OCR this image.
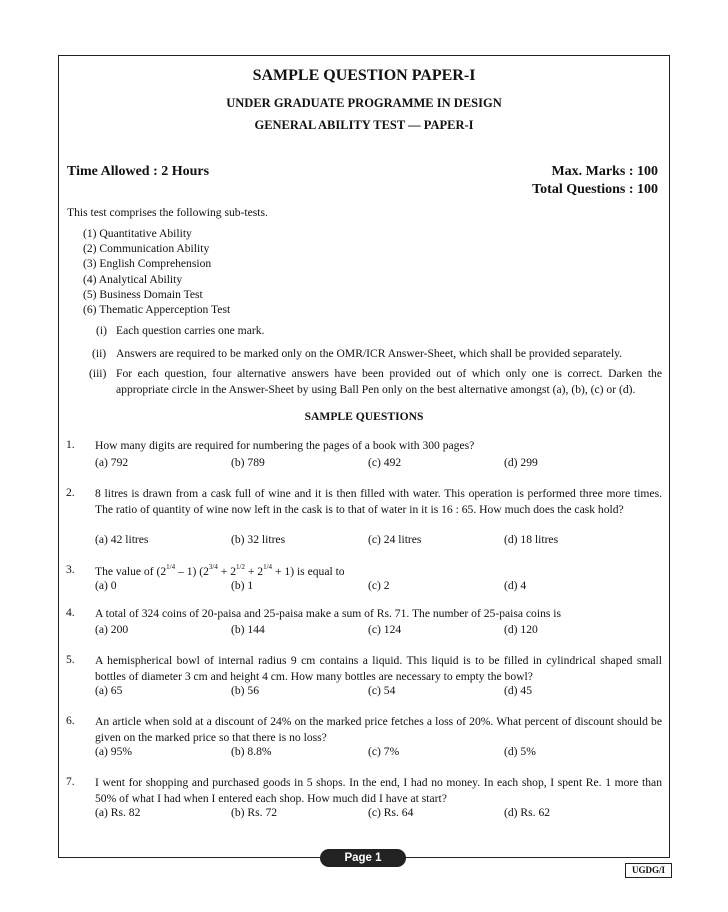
SAMPLE QUESTION PAPER-I
UNDER GRADUATE PROGRAMME IN DESIGN
GENERAL ABILITY TEST — PAPER-I
Time Allowed : 2 Hours	Max. Marks : 100
Total Questions : 100
This test comprises the following sub-tests.
(1) Quantitative Ability
(2) Communication Ability
(3) English Comprehension
(4) Analytical Ability
(5) Business Domain Test
(6) Thematic Apperception Test
(i) Each question carries one mark.
(ii) Answers are required to be marked only on the OMR/ICR Answer-Sheet, which shall be provided separately.
(iii) For each question, four alternative answers have been provided out of which only one is correct. Darken the appropriate circle in the Answer-Sheet by using Ball Pen only on the best alternative amongst (a), (b), (c) or (d).
SAMPLE QUESTIONS
1. How many digits are required for numbering the pages of a book with 300 pages?
(a) 792	(b) 789	(c) 492	(d) 299
2. 8 litres is drawn from a cask full of wine and it is then filled with water. This operation is performed three more times. The ratio of quantity of wine now left in the cask is to that of water in it is 16 : 65. How much does the cask hold?
(a) 42 litres	(b) 32 litres	(c) 24 litres	(d) 18 litres
3. The value of $(2^{1/4} - 1) (2^{3/4} + 2^{1/2} + 2^{1/4} + 1)$ is equal to
(a) 0	(b) 1	(c) 2	(d) 4
4. A total of 324 coins of 20-paisa and 25-paisa make a sum of Rs. 71. The number of 25-paisa coins is
(a) 200	(b) 144	(c) 124	(d) 120
5. A hemispherical bowl of internal radius 9 cm contains a liquid. This liquid is to be filled in cylindrical shaped small bottles of diameter 3 cm and height 4 cm. How many bottles are necessary to empty the bowl?
(a) 65	(b) 56	(c) 54	(d) 45
6. An article when sold at a discount of 24% on the marked price fetches a loss of 20%. What percent of discount should be given on the marked price so that there is no loss?
(a) 95%	(b) 8.8%	(c) 7%	(d) 5%
7. I went for shopping and purchased goods in 5 shops. In the end, I had no money. In each shop, I spent Re. 1 more than 50% of what I had when I entered each shop. How much did I have at start?
(a) Rs. 82	(b) Rs. 72	(c) Rs. 64	(d) Rs. 62
Page 1
UGDG/I
